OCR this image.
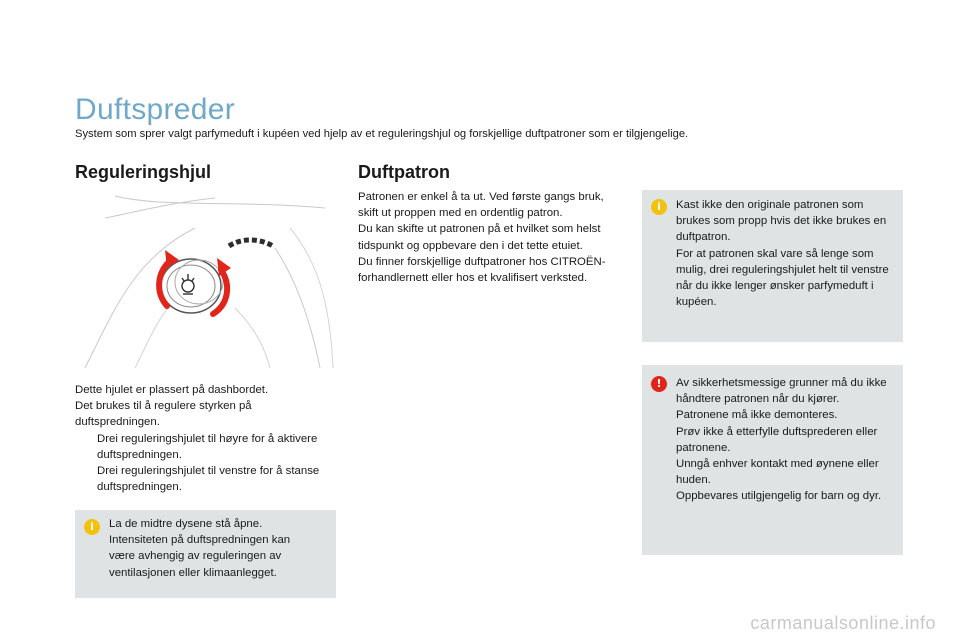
Duftspreder
System som sprer valgt parfymeduft i kupéen ved hjelp av et reguleringshjul og forskjellige duftpatroner som er tilgjengelige.
Reguleringshjul

Dette hjulet er plassert på dashbordet.

Det brukes til å regulere styrken på duftspredningen.

Drei reguleringshjulet til høyre for å aktivere duftspredningen.
Drei reguleringshjulet til venstre for å stanse duftspredningen.
i	La de midtre dysene stå åpne.

Intensiteten på duftspredningen kan være avhengig av reguleringen av ventilasjonen eller klimaanlegget.

Duftpatron

Patronen er enkel å ta ut. Ved første gangs bruk, skift ut proppen med en ordentlig patron.

Du kan skifte ut patronen på et hvilket som helst tidspunkt og oppbevare den i det tette etuiet.

Du finner forskjellige duftpatroner hos CITROËN-forhandlernett eller hos et kvalifisert verksted.

i	Kast ikke den originale patronen som brukes som propp hvis det ikke brukes en duftpatron.

For at patronen skal vare så lenge som mulig, drei reguleringshjulet helt til venstre når du ikke lenger ønsker parfymeduft i kupéen.

!	Av sikkerhetsmessige grunner må du ikke håndtere patronen når du kjører.

Patronene må ikke demonteres.

Prøv ikke å etterfylle duftsprederen eller patronene.

Unngå enhver kontakt med øynene eller huden.

Oppbevares utilgjengelig for barn og dyr.

carmanualsonline.info
